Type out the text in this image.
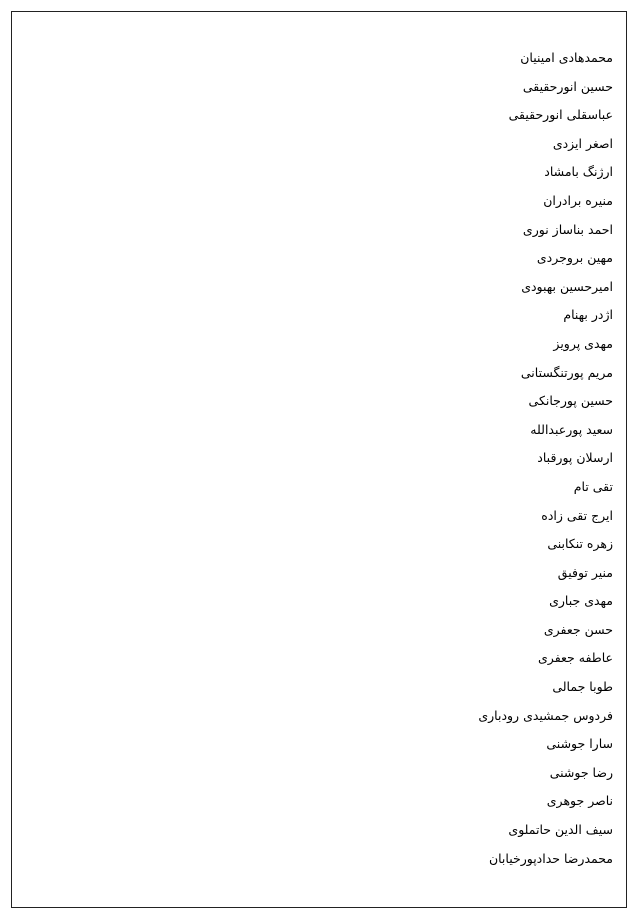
محمدهادی امینیان
حسین انورحقیقی
عباسقلی انورحقیقی
اصغر ایزدی
ارژنگ بامشاد
منیره برادران
احمد بناساز نوری
مهین بروجردی
امیرحسین بهبودی
اژدر بهنام
مهدی پرویز
مریم پورتنگستانی
حسین پورجانکی
سعید پورعبدالله
ارسلان پورقباد
تقی تام
ایرج تقی زاده
زهره تنکابنی
منیر توفیق
مهدی جباری
حسن جعفری
عاطفه جعفری
طوبا جمالی
فردوس جمشیدی رودباری
سارا جوشنی
رضا جوشنی
ناصر جوهری
سیف الدین حاتملوی
محمدرضا حدادپورخیابان
